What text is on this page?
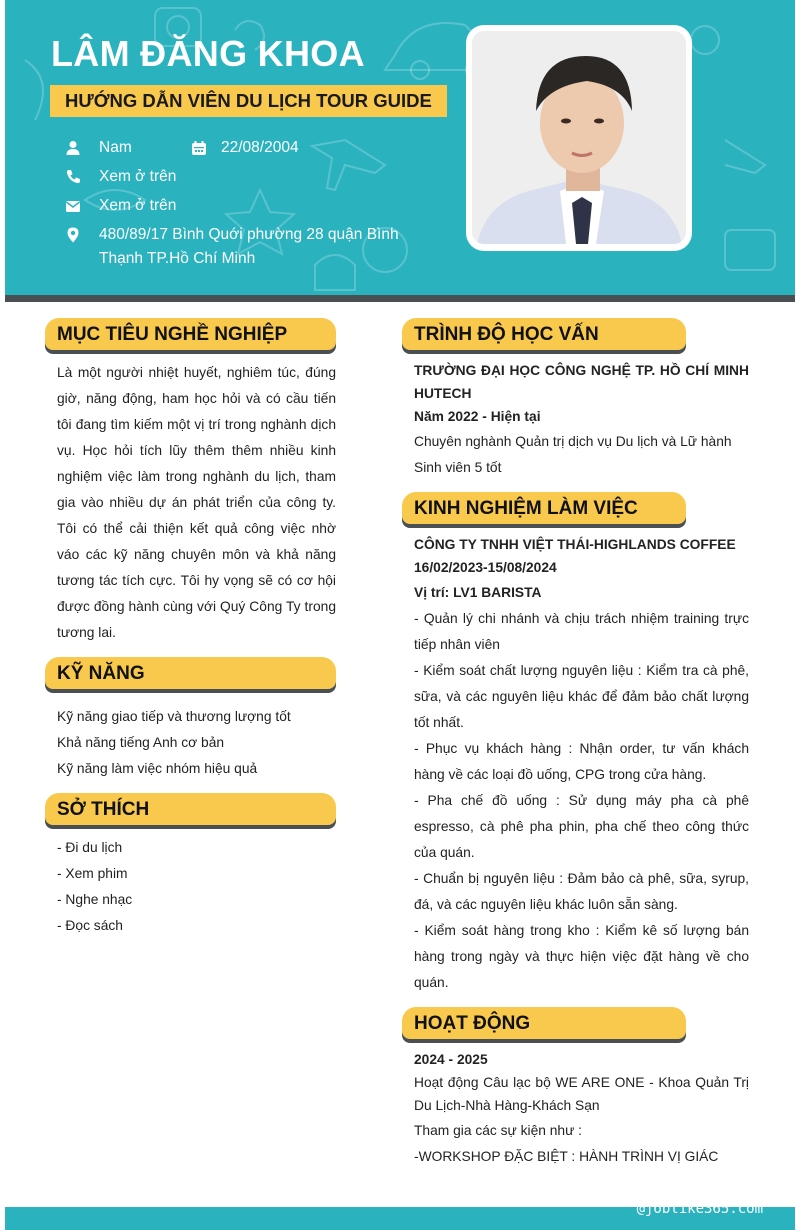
LÂM ĐĂNG KHOA
HƯỚNG DẪN VIÊN DU LỊCH TOUR GUIDE
Nam	22/08/2004
Xem ở trên
Xem ở trên
480/89/17 Bình Quới phường 28 quận Bình
Thạnh TP.Hồ Chí Minh
MỤC TIÊU NGHỀ NGHIỆP
Là một người nhiệt huyết, nghiêm túc, đúng giờ, năng động, ham học hỏi và có cầu tiến tôi đang tìm kiếm một vị trí trong nghành dịch vụ. Học hỏi tích lũy thêm thêm nhiều kinh nghiệm việc làm trong nghành du lịch, tham gia vào nhiều dự án phát triển của công ty. Tôi có thể cải thiện kết quả công việc nhờ váo các kỹ năng chuyên môn và khả năng tương tác tích cực. Tôi hy vọng sẽ có cơ hội được đồng hành cùng với Quý Công Ty trong tương lai.
KỸ NĂNG
Kỹ năng giao tiếp và thương lượng tốt
Khả năng tiếng Anh cơ bản
Kỹ năng làm việc nhóm hiệu quả
SỞ THÍCH
- Đi du lịch
- Xem phim
- Nghe nhạc
- Đọc sách
TRÌNH ĐỘ HỌC VẤN
TRƯỜNG ĐẠI HỌC CÔNG NGHỆ TP. HỒ CHÍ MINH
HUTECH
Năm 2022 - Hiện tại
Chuyên nghành Quản trị dịch vụ Du lịch và Lữ hành
Sinh viên 5 tốt
KINH NGHIỆM LÀM VIỆC
CÔNG TY TNHH VIỆT THÁI-HIGHLANDS COFFEE
16/02/2023-15/08/2024
Vị trí: LV1 BARISTA
- Quản lý chi nhánh và chịu trách nhiệm training trực tiếp nhân viên
- Kiểm soát chất lượng nguyên liệu : Kiểm tra cà phê, sữa, và các nguyên liệu khác để đảm bảo chất lượng tốt nhất.
- Phục vụ khách hàng : Nhận order, tư vấn khách hàng về các loại đồ uống, CPG trong cửa hàng.
- Pha chế đồ uống : Sử dụng máy pha cà phê espresso, cà phê pha phin, pha chế theo công thức của quán.
- Chuẩn bị nguyên liệu : Đảm bảo cà phê, sữa, syrup, đá, và các nguyên liệu khác luôn sẵn sàng.
- Kiểm soát hàng trong kho : Kiểm kê số lượng bán hàng trong ngày và thực hiện việc đặt hàng về cho quán.
HOẠT ĐỘNG
2024 - 2025
Hoạt động Câu lạc bộ WE ARE ONE - Khoa Quản Trị Du Lịch-Nhà Hàng-Khách Sạn
Tham gia các sự kiện như :
-WORKSHOP ĐẶC BIỆT : HÀNH TRÌNH VỊ GIÁC
@joblike365.com
